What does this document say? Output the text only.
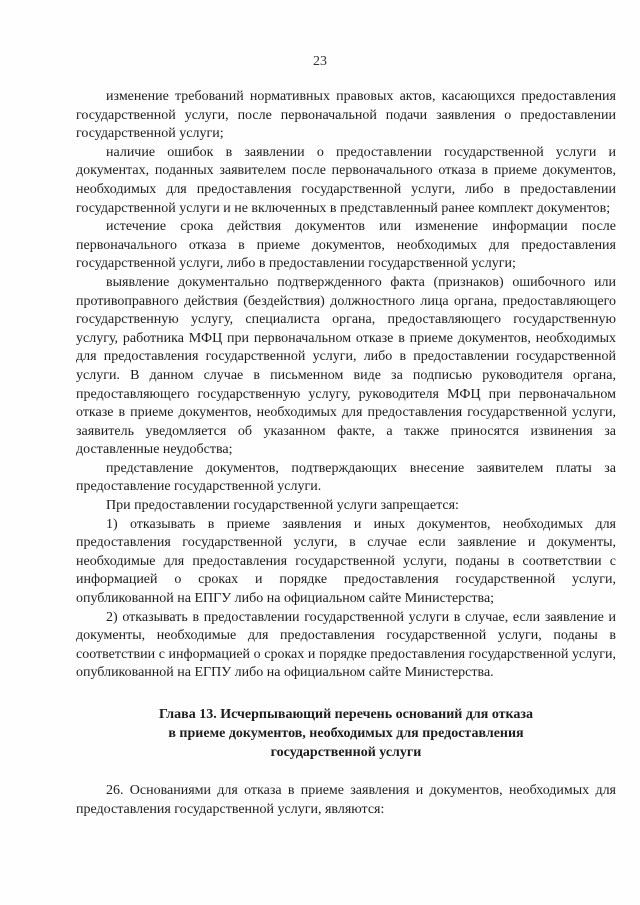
23

изменение требований нормативных правовых актов, касающихся предоставления государственной услуги, после первоначальной подачи заявления о предоставлении государственной услуги;

наличие ошибок в заявлении о предоставлении государственной услуги и документах, поданных заявителем после первоначального отказа в приеме документов, необходимых для предоставления государственной услуги, либо в предоставлении государственной услуги и не включенных в представленный ранее комплект документов;

истечение срока действия документов или изменение информации после первоначального отказа в приеме документов, необходимых для предоставления государственной услуги, либо в предоставлении государственной услуги;

выявление документально подтвержденного факта (признаков) ошибочного или противоправного действия (бездействия) должностного лица органа, предоставляющего государственную услугу, специалиста органа, предоставляющего государственную услугу, работника МФЦ при первоначальном отказе в приеме документов, необходимых для предоставления государственной услуги, либо в предоставлении государственной услуги. В данном случае в письменном виде за подписью руководителя органа, предоставляющего государственную услугу, руководителя МФЦ при первоначальном отказе в приеме документов, необходимых для предоставления государственной услуги, заявитель уведомляется об указанном факте, а также приносятся извинения за доставленные неудобства;

представление документов, подтверждающих внесение заявителем платы за предоставление государственной услуги.

При предоставлении государственной услуги запрещается:

1) отказывать в приеме заявления и иных документов, необходимых для предоставления государственной услуги, в случае если заявление и документы, необходимые для предоставления государственной услуги, поданы в соответствии с информацией о сроках и порядке предоставления государственной услуги, опубликованной на ЕПГУ либо на официальном сайте Министерства;

2) отказывать в предоставлении государственной услуги в случае, если заявление и документы, необходимые для предоставления государственной услуги, поданы в соответствии с информацией о сроках и порядке предоставления государственной услуги, опубликованной на ЕГПУ либо на официальном сайте Министерства.

Глава 13. Исчерпывающий перечень оснований для отказа
в приеме документов, необходимых для предоставления
государственной услуги

26. Основаниями для отказа в приеме заявления и документов, необходимых для предоставления государственной услуги, являются:
